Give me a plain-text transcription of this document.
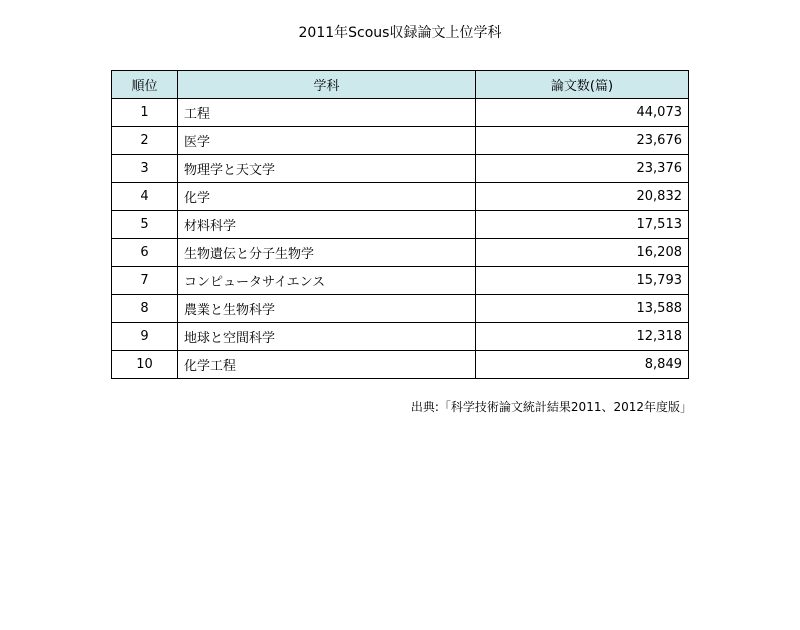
2011年Scous収録論文上位学科
順位	学科	論文数(篇)
1	工程	44,073
2	医学	23,676
3	物理学と天文学	23,376
4	化学	20,832
5	材料科学	17,513
6	生物遺伝と分子生物学	16,208
7	コンピュータサイエンス	15,793
8	農業と生物科学	13,588
9	地球と空間科学	12,318
10	化学工程	8,849
出典:「科学技術論文統計結果2011、2012年度版」
